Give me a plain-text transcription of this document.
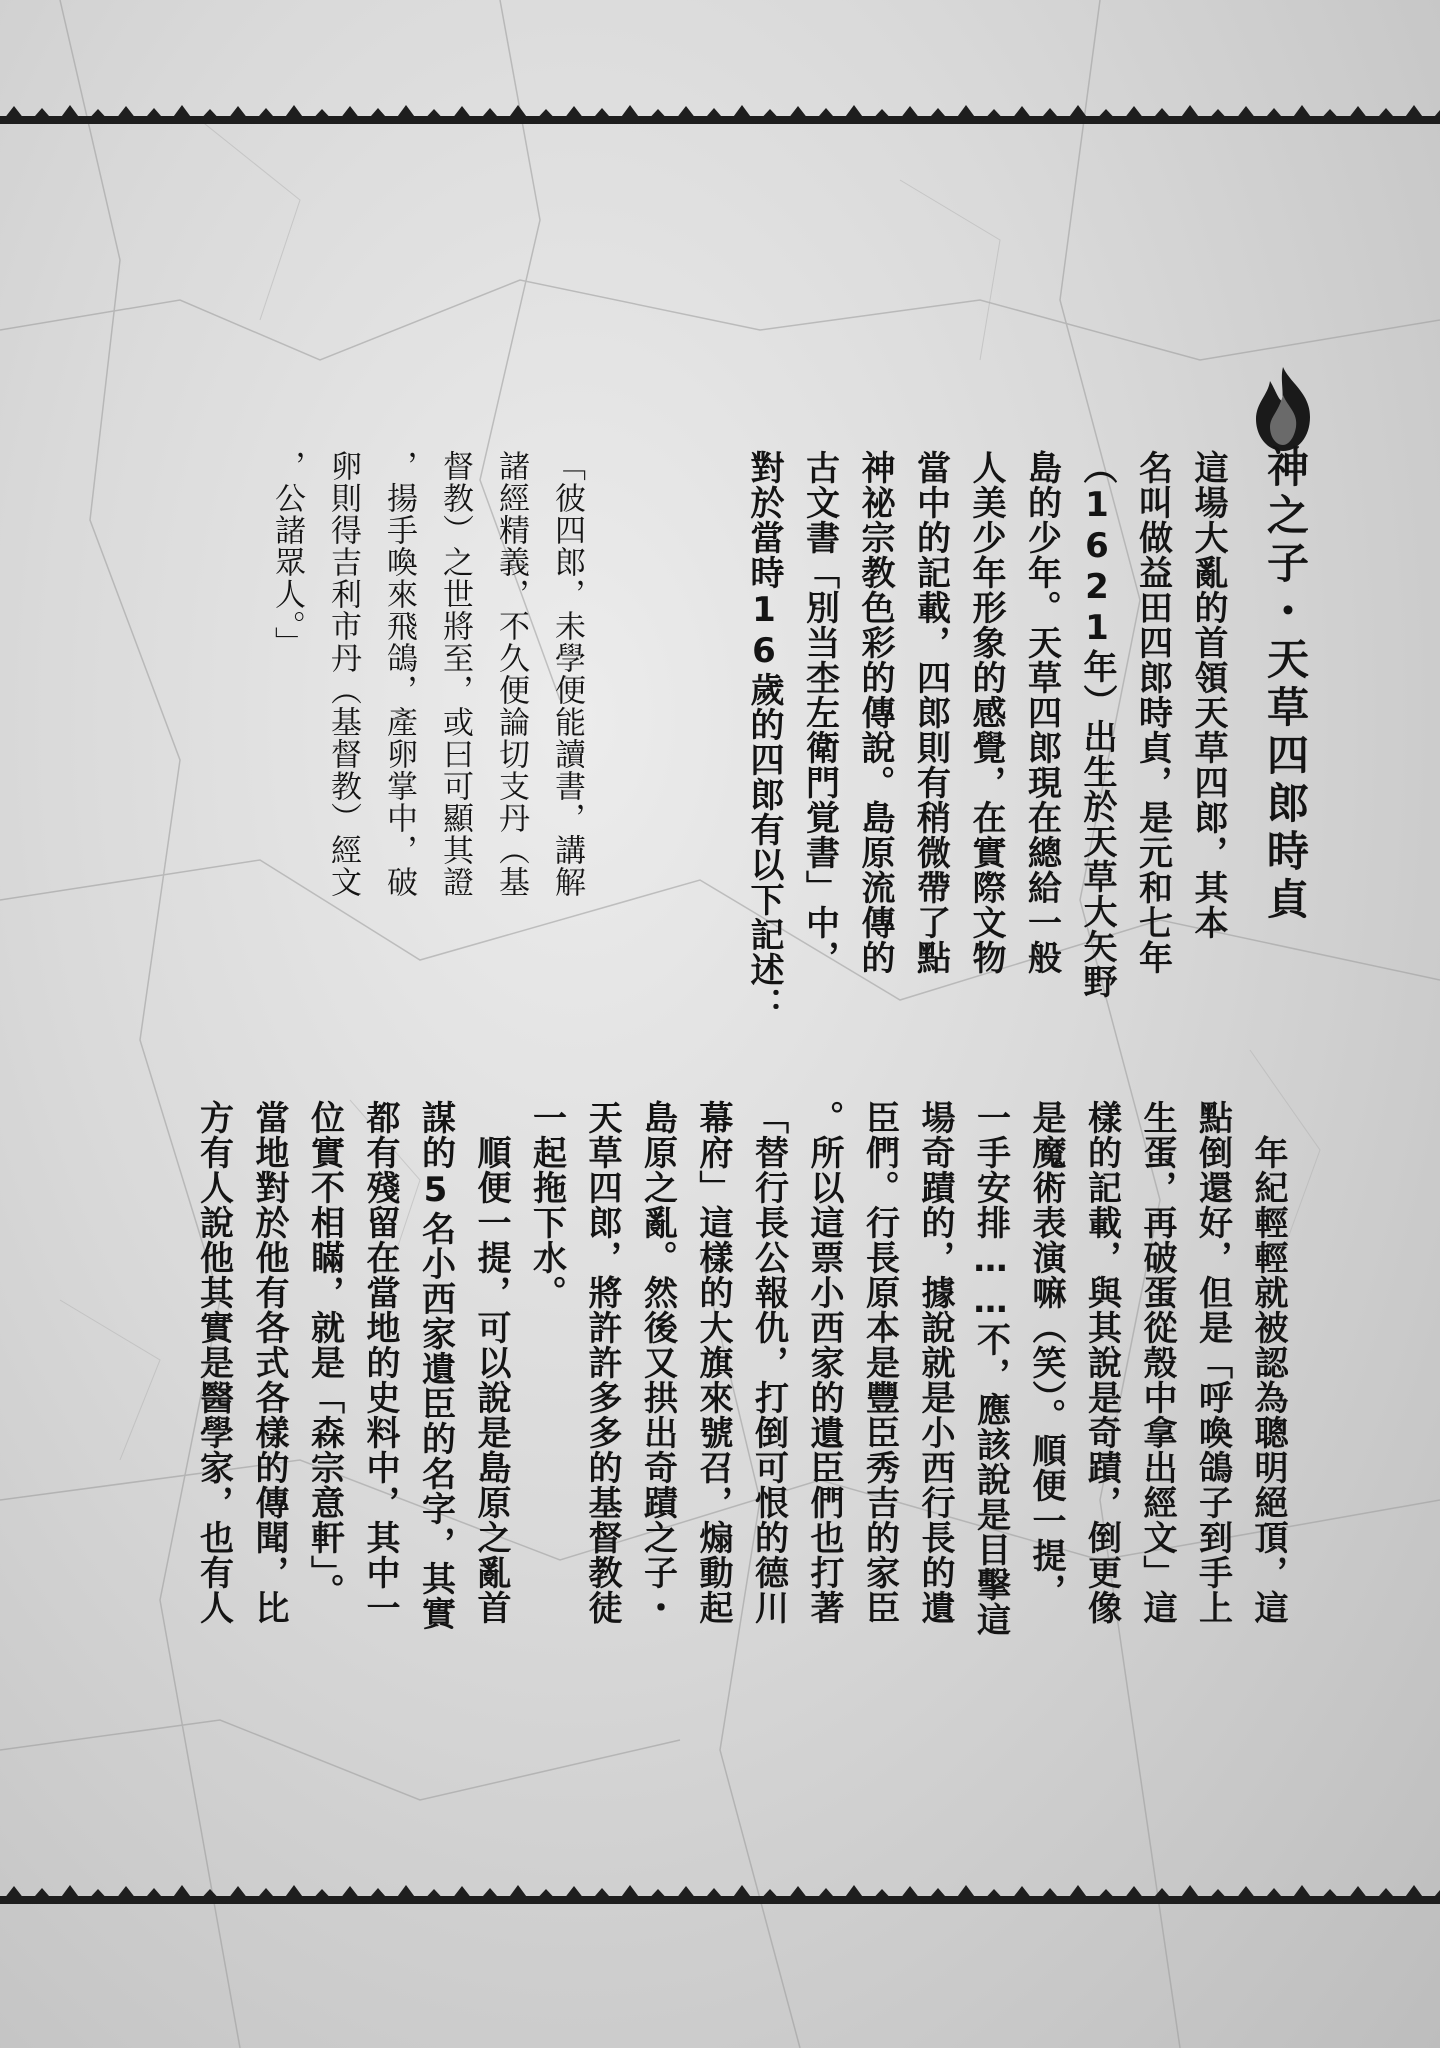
神之子・天草四郎時貞
這場大亂的首領天草四郎，其本
名叫做益田四郎時貞，是元和七年
（1621年）出生於天草大矢野
島的少年。天草四郎現在總給一般
人美少年形象的感覺，在實際文物
當中的記載，四郎則有稍微帶了點
神祕宗教色彩的傳說。島原流傳的
古文書「別当杢左衛門覚書」中，
對於當時16歲的四郎有以下記述：
「彼四郎，未學便能讀書，講解
諸經精義，不久便論切支丹（基
督教）之世將至，或曰可顯其證
，揚手喚來飛鴿，產卵掌中，破
卵則得吉利市丹（基督教）經文
，公諸眾人。」
　年紀輕輕就被認為聰明絕頂，這
點倒還好，但是「呼喚鴿子到手上
生蛋，再破蛋從殼中拿出經文」這
樣的記載，與其說是奇蹟，倒更像
是魔術表演嘛（笑）。順便一提，
一手安排……不，應該說是目擊這
場奇蹟的，據說就是小西行長的遺
臣們。行長原本是豐臣秀吉的家臣
。所以這票小西家的遺臣們也打著
「替行長公報仇，打倒可恨的德川
幕府」這樣的大旗來號召，煽動起
島原之亂。然後又拱出奇蹟之子・
天草四郎，將許許多多的基督教徒
一起拖下水。
　順便一提，可以說是島原之亂首
謀的5名小西家遺臣的名字，其實
都有殘留在當地的史料中，其中一
位實不相瞞，就是「森宗意軒」。
當地對於他有各式各樣的傳聞，比
方有人說他其實是醫學家，也有人
